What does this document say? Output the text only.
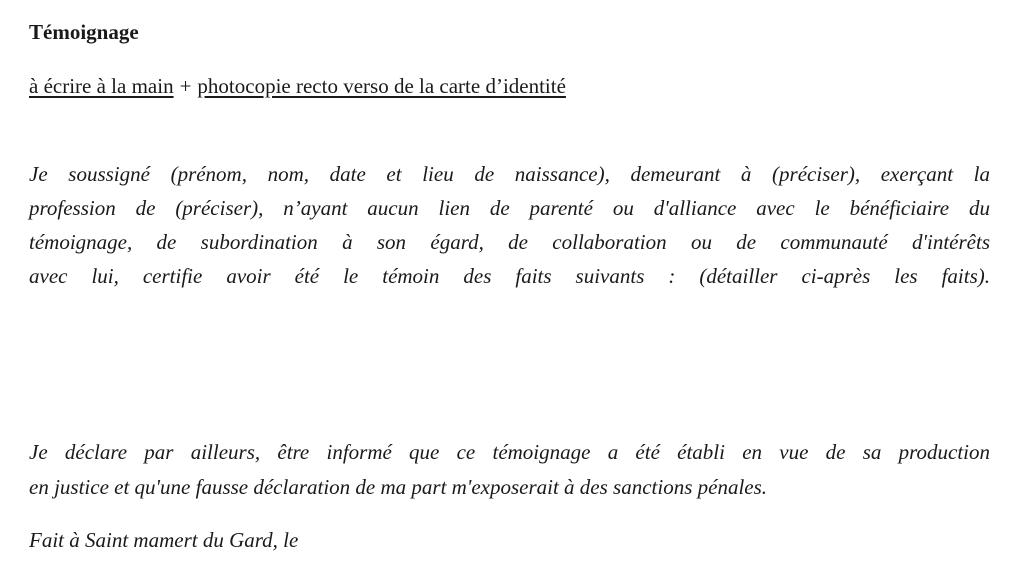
Témoignage
à écrire à la main + photocopie recto verso de la carte d’identité
Je soussigné (prénom, nom, date et lieu de naissance), demeurant à (préciser), exerçant la
profession de (préciser), n’ayant aucun lien de parenté ou d'alliance avec le bénéficiaire du
témoignage, de subordination à son égard, de collaboration ou de communauté d'intérêts
avec lui, certifie avoir été le témoin des faits suivants : (détailler ci-après les faits).
Je déclare par ailleurs, être informé que ce témoignage a été établi en vue de sa production
en justice et qu'une fausse déclaration de ma part m'exposerait à des sanctions pénales.
Fait à Saint mamert du Gard, le
